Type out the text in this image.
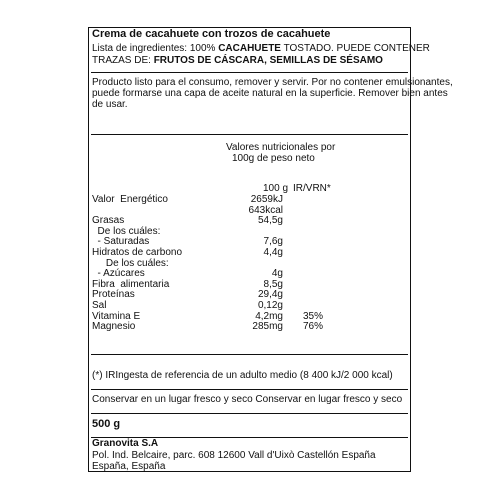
Crema de cacahuete con trozos de cacahuete
Lista de ingredientes: 100% CACAHUETE TOSTADO. PUEDE CONTENER
TRAZAS DE: FRUTOS DE CÁSCARA, SEMILLAS DE SÉSAMO
Producto listo para el consumo, remover y servir. Por no contener emulsionantes,
puede formarse una capa de aceite natural en la superficie. Remover bien antes
de usar.
Valores nutricionales por
100g de peso neto
100 g IR/VRN*
Valor  Energético	2659kJ
643kcal
Grasas	54,5g
De los cuáles:
- Saturadas	7,6g
Hidratos de carbono	4,4g
De los cuáles:
- Azúcares	4g
Fibra  alimentaria	8,5g
Proteínas	29,4g
Sal	0,12g
Vitamina E	4,2mg 35%
Magnesio	285mg 76%
(*) IRIngesta de referencia de un adulto medio (8 400 kJ/2 000 kcal)
Conservar en un lugar fresco y seco Conservar en lugar fresco y seco
500 g
Granovita S.A
Pol. Ind. Belcaire, parc. 608 12600 Vall d'Uixò Castellón España
España, España
